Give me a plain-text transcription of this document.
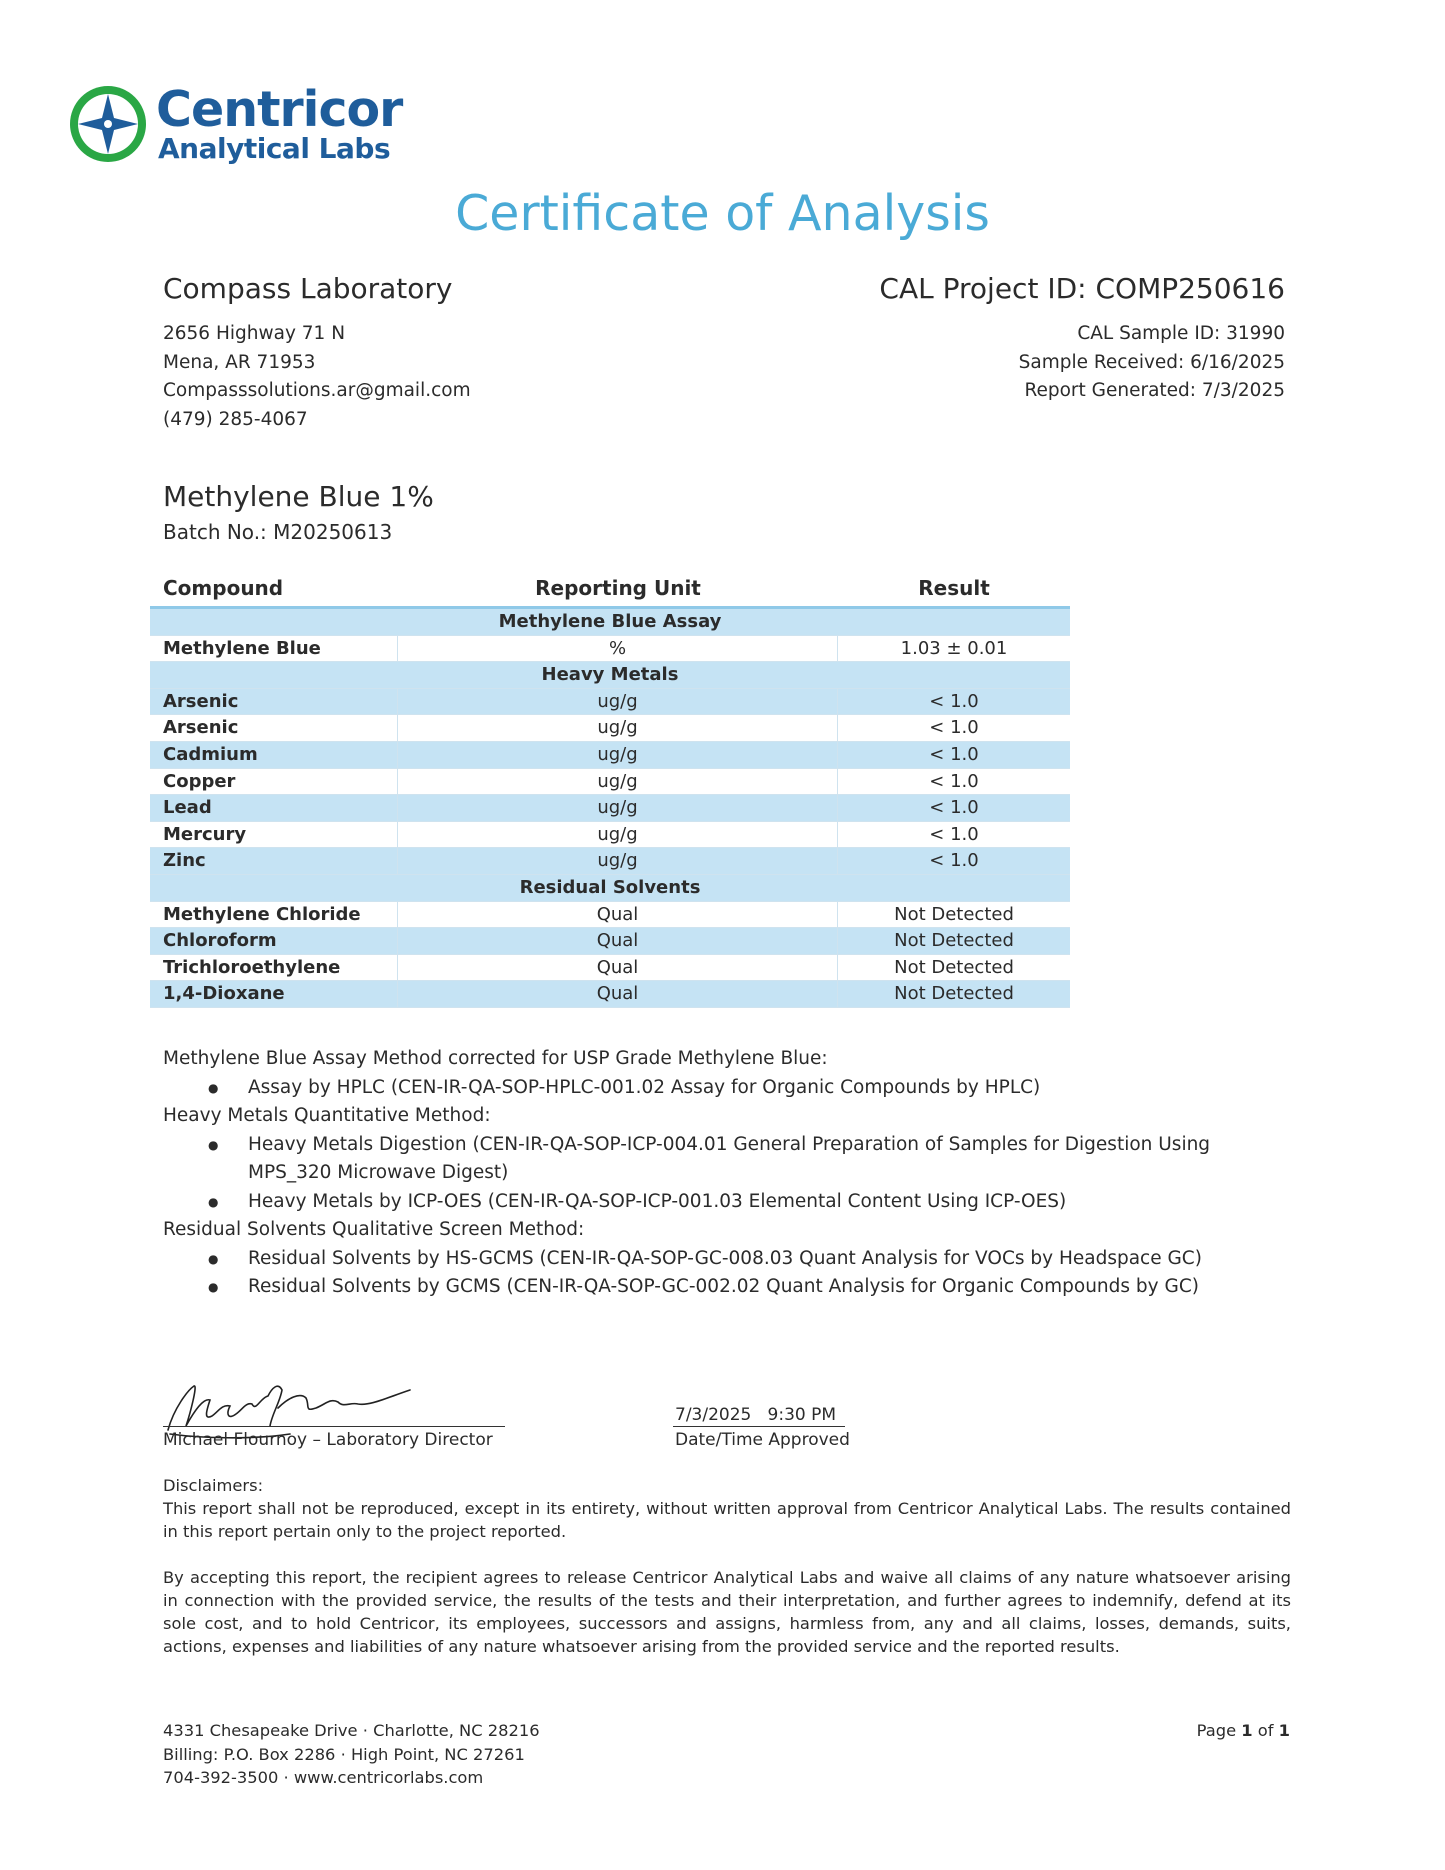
Centricor
Analytical Labs
Certificate of Analysis
Compass Laboratory
2656 Highway 71 N
Mena, AR 71953
Compasssolutions.ar@gmail.com
(479) 285-4067
CAL Project ID: COMP250616
CAL Sample ID: 31990
Sample Received: 6/16/2025
Report Generated: 7/3/2025
Methylene Blue 1%
Batch No.: M20250613
Compound	Reporting Unit	Result
Methylene Blue Assay
Methylene Blue	%	1.03 ± 0.01
Heavy Metals
Arsenic	ug/g	< 1.0
Arsenic	ug/g	< 1.0
Cadmium	ug/g	< 1.0
Copper	ug/g	< 1.0
Lead	ug/g	< 1.0
Mercury	ug/g	< 1.0
Zinc	ug/g	< 1.0
Residual Solvents
Methylene Chloride	Qual	Not Detected
Chloroform	Qual	Not Detected
Trichloroethylene	Qual	Not Detected
1,4-Dioxane	Qual	Not Detected
Methylene Blue Assay Method corrected for USP Grade Methylene Blue:
● Assay by HPLC (CEN-IR-QA-SOP-HPLC-001.02 Assay for Organic Compounds by HPLC)
Heavy Metals Quantitative Method:
● Heavy Metals Digestion (CEN-IR-QA-SOP-ICP-004.01 General Preparation of Samples for Digestion Using MPS_320 Microwave Digest)
● Heavy Metals by ICP-OES (CEN-IR-QA-SOP-ICP-001.03 Elemental Content Using ICP-OES)
Residual Solvents Qualitative Screen Method:
● Residual Solvents by HS-GCMS (CEN-IR-QA-SOP-GC-008.03 Quant Analysis for VOCs by Headspace GC)
● Residual Solvents by GCMS (CEN-IR-QA-SOP-GC-002.02 Quant Analysis for Organic Compounds by GC)
Michael Flournoy – Laboratory Director
7/3/2025   9:30 PM
Date/Time Approved

Disclaimers:

This report shall not be reproduced, except in its entirety, without written approval from Centricor Analytical Labs. The results contained in this report pertain only to the project reported.

By accepting this report, the recipient agrees to release Centricor Analytical Labs and waive all claims of any nature whatsoever arising in connection with the provided service, the results of the tests and their interpretation, and further agrees to indemnify, defend at its sole cost, and to hold Centricor, its employees, successors and assigns, harmless from, any and all claims, losses, demands, suits, actions, expenses and liabilities of any nature whatsoever arising from the provided service and the reported results.

4331 Chesapeake Drive · Charlotte, NC 28216
Billing: P.O. Box 2286 · High Point, NC 27261
704-392-3500 · www.centricorlabs.com
Page 1 of 1
